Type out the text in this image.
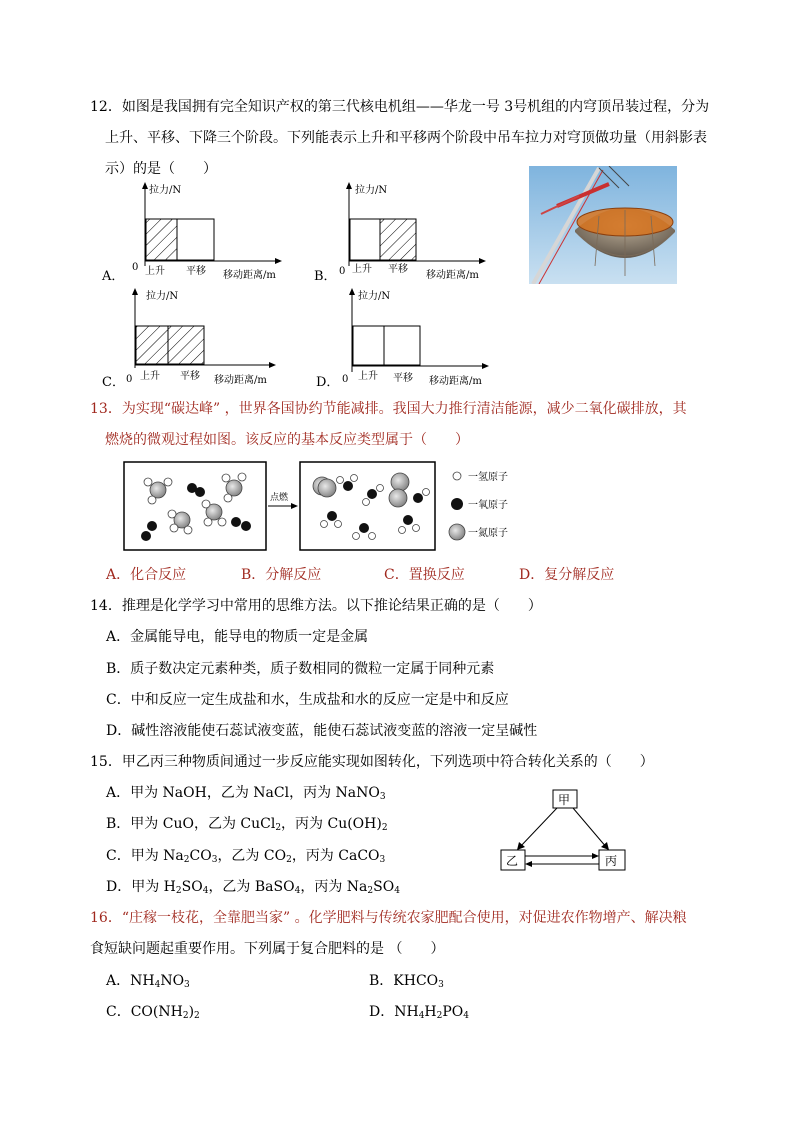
12．如图是我国拥有完全知识产权的第三代核电机组——华龙一号 3号机组的内穹顶吊装过程，分为
上升、平移、下降三个阶段。下列能表示上升和平移两个阶段中吊车拉力对穹顶做功量（用斜影表
示）的是（　　）
A．
拉力/N
0 上升 平移 移动距离/m	B．
拉力/N
0 上升 平移
移动距离/m
C．
拉力/N
0 上升 平移 移动距离/m	D．
拉力/N
0 上升 平移 移动距离/m
13．为实现“碳达峰” ，世界各国协约节能减排。我国大力推行清洁能源，减少二氧化碳排放，其
燃烧的微观过程如图。该反应的基本反应类型属于（　　）
点燃
一氢原子
一氧原子
一氮原子
A．化合反应	B．分解反应	C．置换反应	D．复分解反应
14．推理是化学学习中常用的思维方法。以下推论结果正确的是（　　）
A．金属能导电，能导电的物质一定是金属
B．质子数决定元素种类，质子数相同的微粒一定属于同种元素
C．中和反应一定生成盐和水，生成盐和水的反应一定是中和反应
D．碱性溶液能使石蕊试液变蓝，能使石蕊试液变蓝的溶液一定呈碱性
15．甲乙丙三种物质间通过一步反应能实现如图转化，下列选项中符合转化关系的（　　）
A．甲为 NaOH，乙为 NaCl，丙为 NaNO$_3$
B．甲为 CuO，乙为 CuCl$_2$，丙为 $Cu(OH)_2$
C．甲为 $Na_2CO_3$，乙为 $CO_2$，丙为 CaCO$_3$
D．甲为 $H_2SO_4$，乙为 BaSO$_4$，丙为 $Na_2SO_4$
甲
乙	丙
16．“庄稼一枝花，全靠肥当家” 。化学肥料与传统农家肥配合使用，对促进农作物增产、解决粮
食短缺问题起重要作用。下列属于复合肥料的是 （　　）
A．$NH_4NO_3$	B．$KHCO_3$
C．$CO(NH_2)_2$	D．$NH_4H_2PO_4$
